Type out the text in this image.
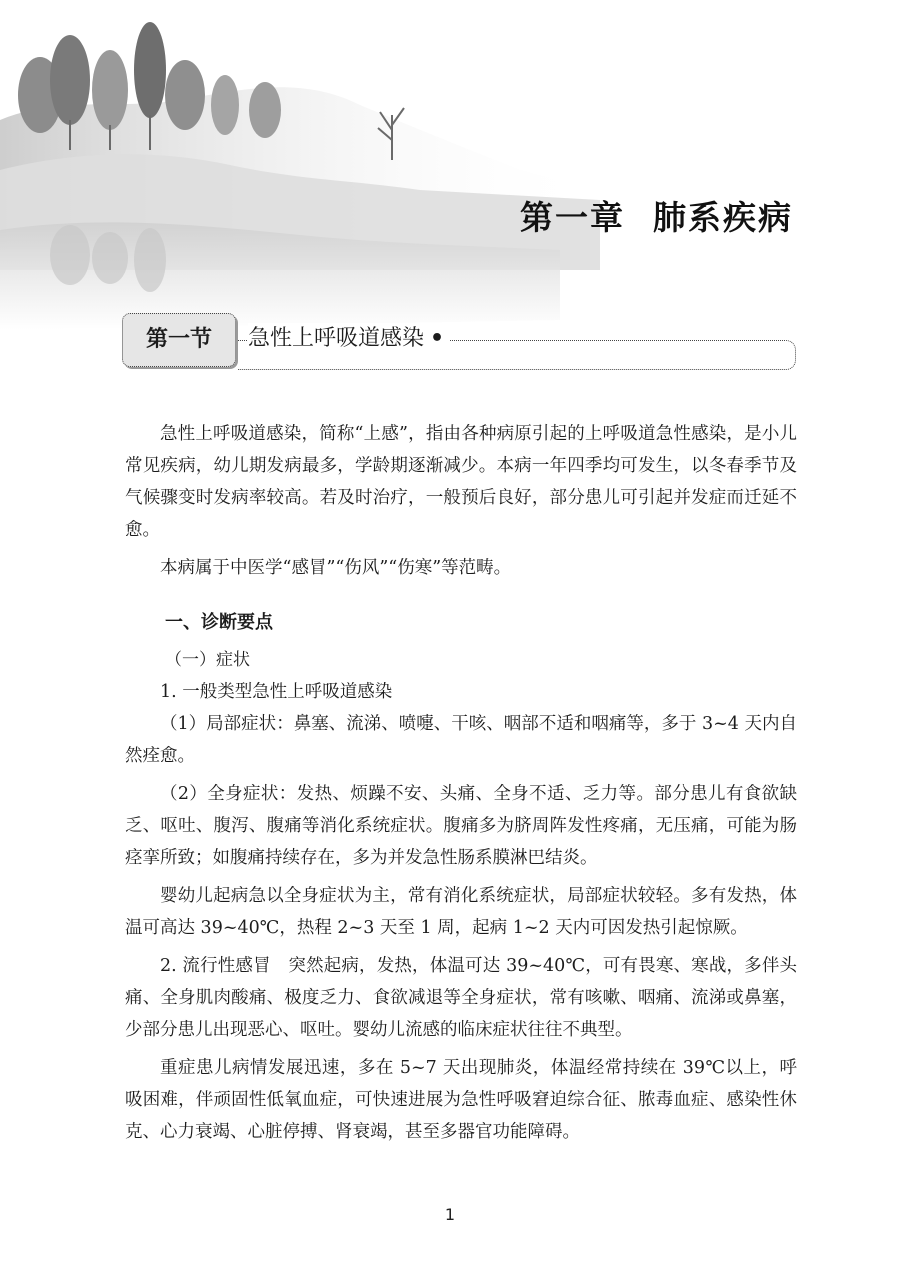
第一章 肺系疾病
第一节	急性上呼吸道感染 •

急性上呼吸道感染，简称“上感”，指由各种病原引起的上呼吸道急性感染，是小儿常见疾病，幼儿期发病最多，学龄期逐渐减少。本病一年四季均可发生，以冬春季节及气候骤变时发病率较高。若及时治疗，一般预后良好，部分患儿可引起并发症而迁延不愈。

本病属于中医学“感冒”“伤风”“伤寒”等范畴。

一、诊断要点
（一）症状

1. 一般类型急性上呼吸道感染

（1）局部症状：鼻塞、流涕、喷嚏、干咳、咽部不适和咽痛等，多于 3~4 天内自然痊愈。

（2）全身症状：发热、烦躁不安、头痛、全身不适、乏力等。部分患儿有食欲缺乏、呕吐、腹泻、腹痛等消化系统症状。腹痛多为脐周阵发性疼痛，无压痛，可能为肠痉挛所致；如腹痛持续存在，多为并发急性肠系膜淋巴结炎。

婴幼儿起病急以全身症状为主，常有消化系统症状，局部症状较轻。多有发热，体温可高达 39~40℃，热程 2~3 天至 1 周，起病 1~2 天内可因发热引起惊厥。

2. 流行性感冒　突然起病，发热，体温可达 39~40℃，可有畏寒、寒战，多伴头痛、全身肌肉酸痛、极度乏力、食欲减退等全身症状，常有咳嗽、咽痛、流涕或鼻塞，少部分患儿出现恶心、呕吐。婴幼儿流感的临床症状往往不典型。

重症患儿病情发展迅速，多在 5~7 天出现肺炎，体温经常持续在 39℃以上，呼吸困难，伴顽固性低氧血症，可快速进展为急性呼吸窘迫综合征、脓毒血症、感染性休克、心力衰竭、心脏停搏、肾衰竭，甚至多器官功能障碍。

1
